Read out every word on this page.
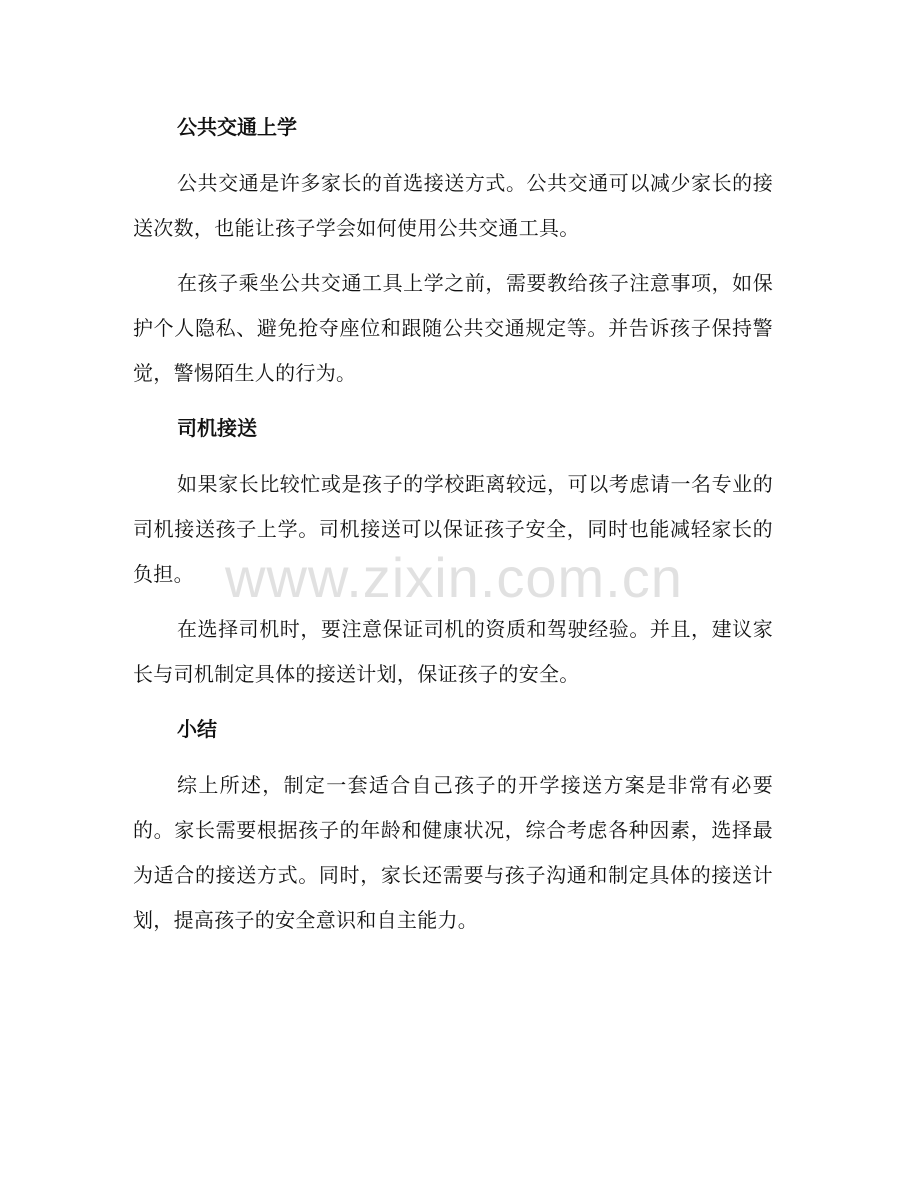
公共交通上学

公共交通是许多家长的首选接送方式。公共交通可以减少家长的接送次数，也能让孩子学会如何使用公共交通工具。

在孩子乘坐公共交通工具上学之前，需要教给孩子注意事项，如保护个人隐私、避免抢夺座位和跟随公共交通规定等。并告诉孩子保持警觉，警惕陌生人的行为。

司机接送

如果家长比较忙或是孩子的学校距离较远，可以考虑请一名专业的司机接送孩子上学。司机接送可以保证孩子安全，同时也能减轻家长的负担。

在选择司机时，要注意保证司机的资质和驾驶经验。并且，建议家长与司机制定具体的接送计划，保证孩子的安全。

小结

综上所述，制定一套适合自己孩子的开学接送方案是非常有必要的。家长需要根据孩子的年龄和健康状况，综合考虑各种因素，选择最为适合的接送方式。同时，家长还需要与孩子沟通和制定具体的接送计划，提高孩子的安全意识和自主能力。

www.zixin.com.cn
